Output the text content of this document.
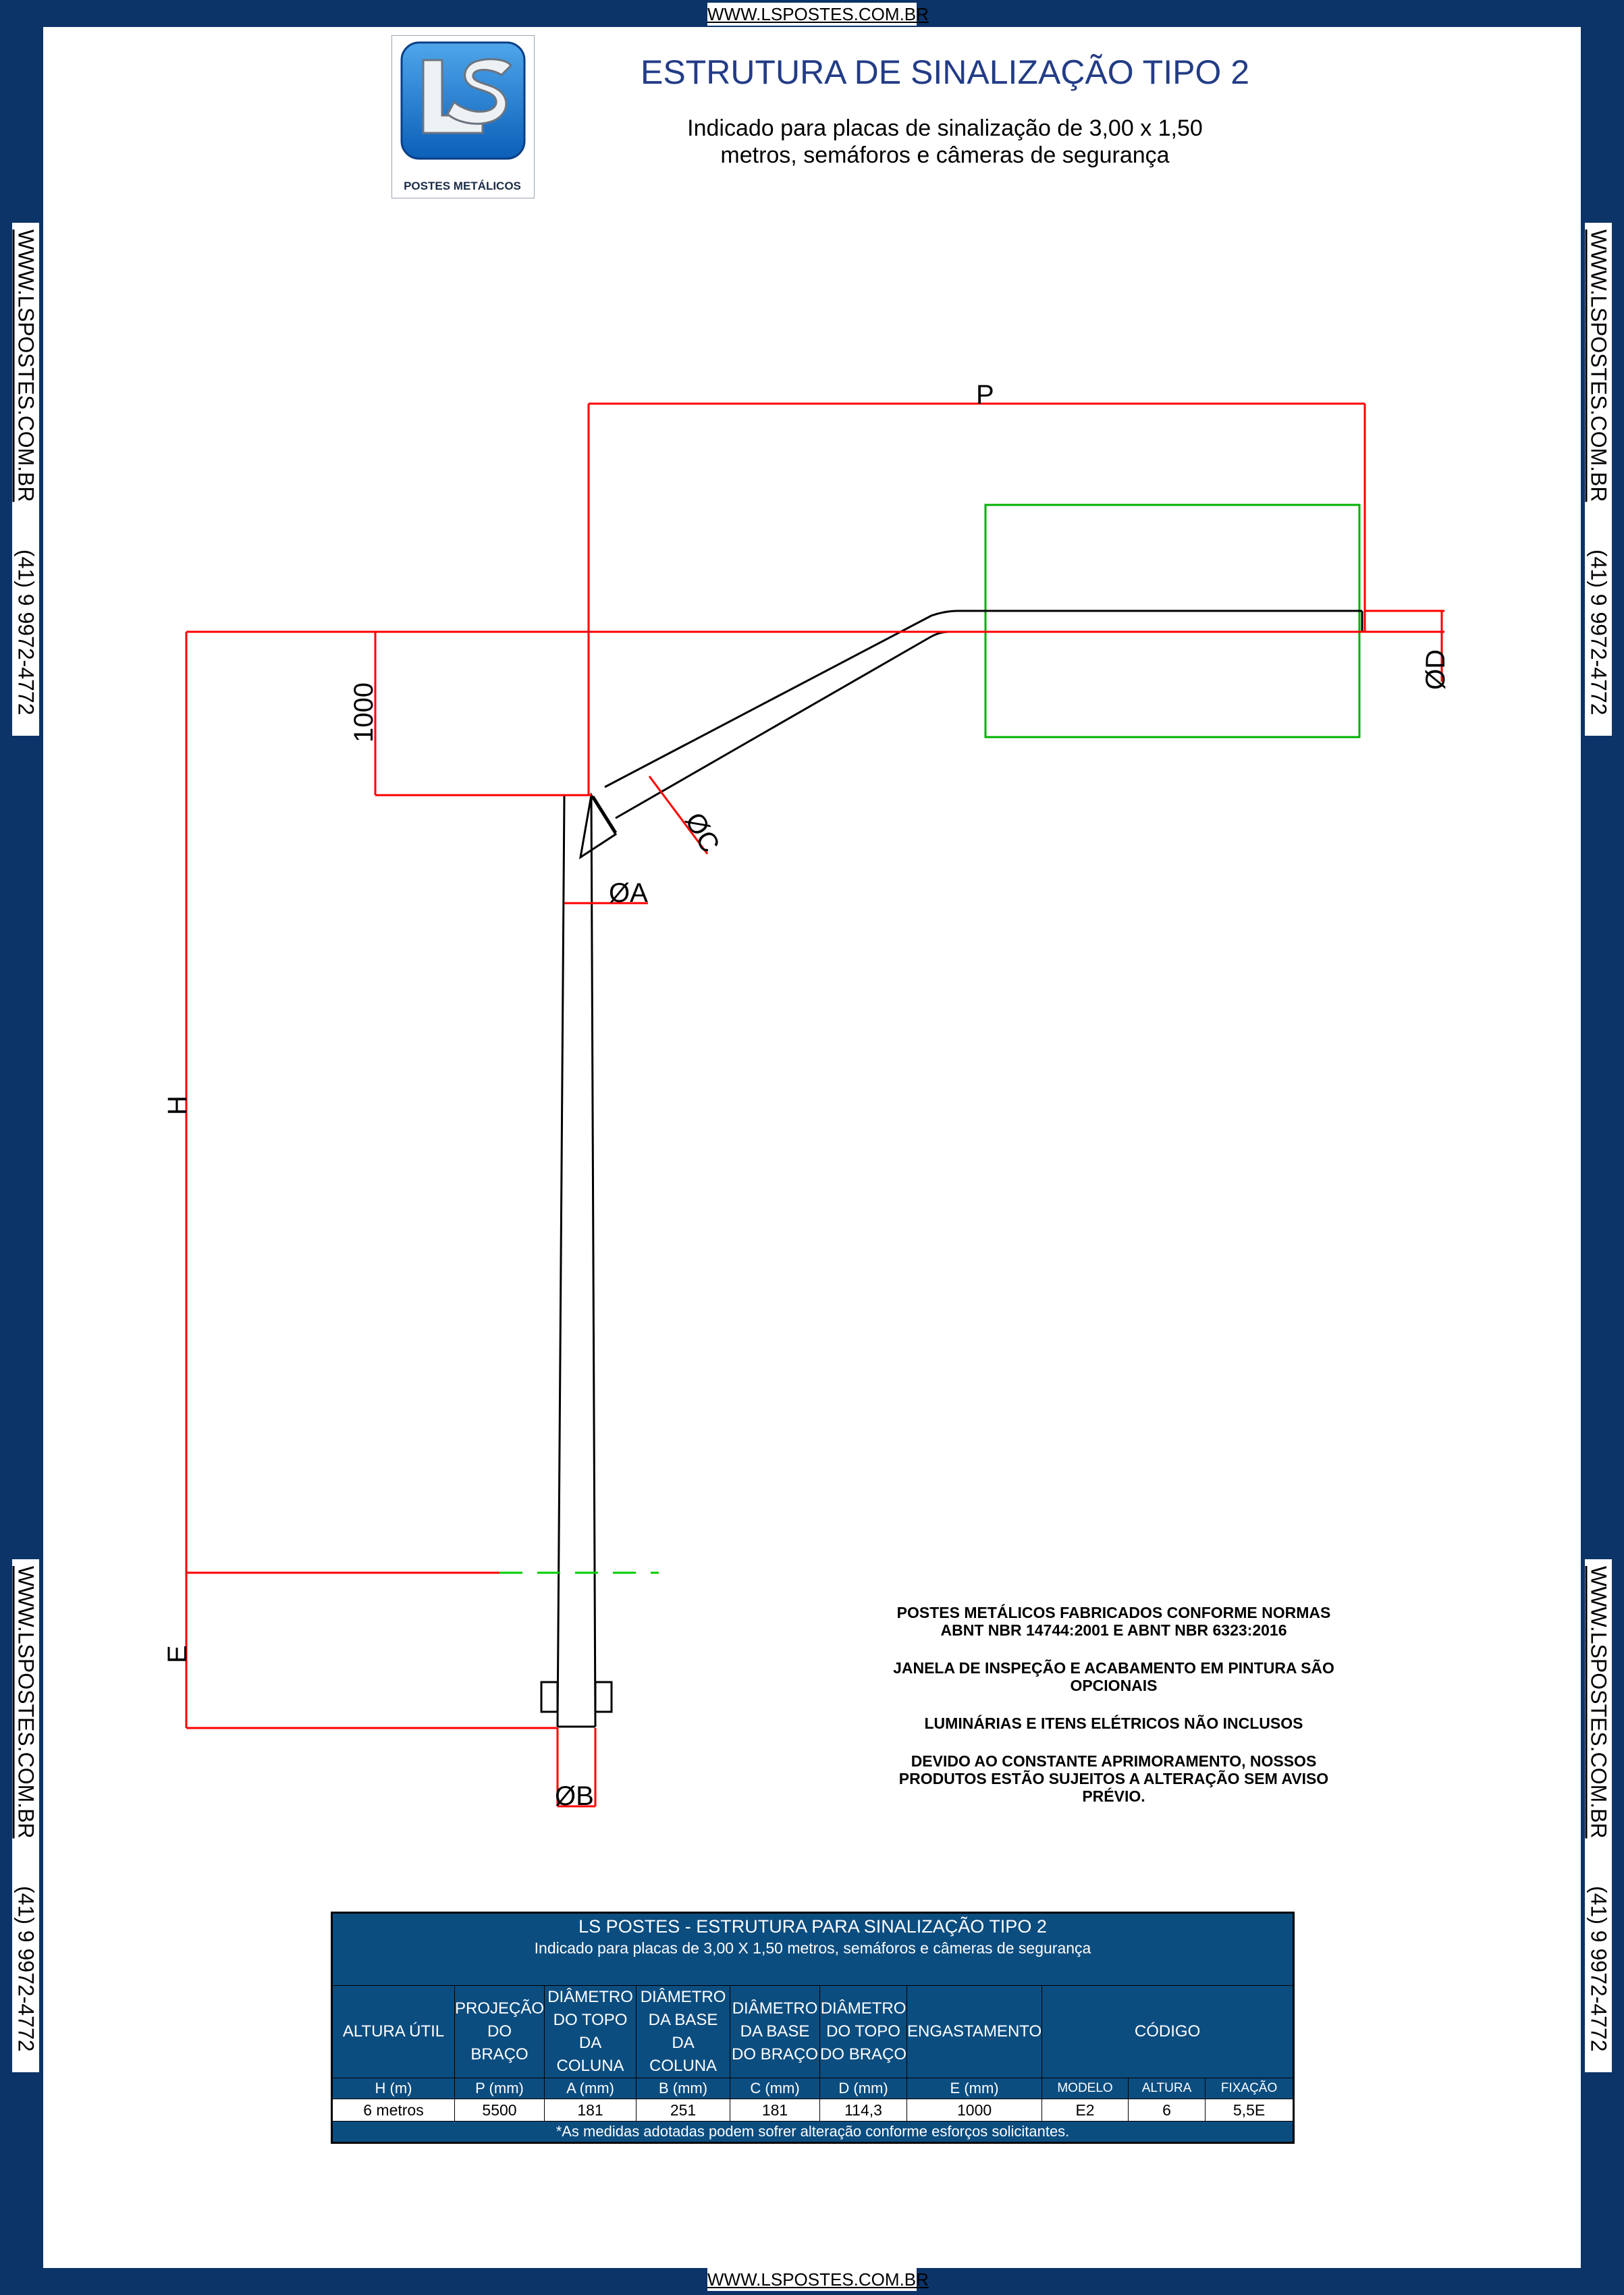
WWW.LSPOSTES.COM.BR
WWW.LSPOSTES.COM.BR
WWW.LSPOSTES.COM.BR
(41) 9 9972-4772
WWW.LSPOSTES.COM.BR
(41) 9 9972-4772
WWW.LSPOSTES.COM.BR
(41) 9 9972-4772
WWW.LSPOSTES.COM.BR
(41) 9 9972-4772
POSTES METÁLICOS
ESTRUTURA DE SINALIZAÇÃO TIPO 2
Indicado para placas de sinalização de 3,00 x 1,50
metros, semáforos e câmeras de segurança
P
ØD
1000
ØC
ØA
H
E
ØB

POSTES METÁLICOS FABRICADOS CONFORME NORMAS
ABNT NBR 14744:2001 E ABNT NBR 6323:2016

JANELA DE INSPEÇÃO E ACABAMENTO EM PINTURA SÃO
OPCIONAIS

LUMINÁRIAS E ITENS ELÉTRICOS NÃO INCLUSOS

DEVIDO AO CONSTANTE APRIMORAMENTO, NOSSOS
PRODUTOS ESTÃO SUJEITOS A ALTERAÇÃO SEM AVISO
PRÉVIO.

LS POSTES - ESTRUTURA PARA SINALIZAÇÃO TIPO 2									
Indicado para placas de 3,00 X 1,50 metros, semáforos e câmeras de segurança									

ALTURA ÚTIL	PROJEÇÃO
DO
BRAÇO	DIÂMETRO
DO TOPO
DA COLUNA	DIÂMETRO
DA BASE
DA COLUNA	DIÂMETRO
DA BASE
DO BRAÇO	DIÂMETRO
DO TOPO
DO BRAÇO	ENGASTAMENTO	CÓDIGO		
H (m)	P (mm)	A (mm)	B (mm)	C (mm)	D (mm)	E (mm)	MODELO	ALTURA	FIXAÇÃO
6 metros	5500	181	251	181	114,3	1000	E2	6	5,5E
*As medidas adotadas podem sofrer alteração conforme esforços solicitantes.									
